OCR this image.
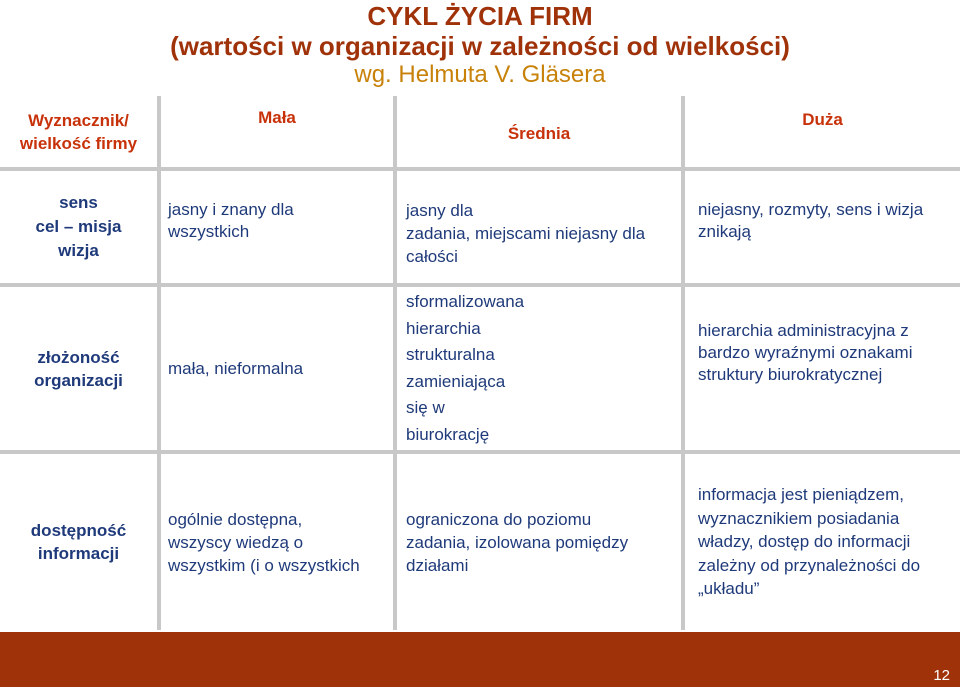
CYKL ŻYCIA FIRM
(wartości w organizacji w zależności od wielkości)
wg. Helmuta V. Gläsera
Wyznacznik/
wielkość firmy
Mała
Średnia
Duża
sens
cel – misja
wizja
jasny i znany dla
wszystkich
jasny dla
zadania, miejscami niejasny dla
całości
niejasny, rozmyty, sens i wizja
znikają
złożoność
organizacji
mała, nieformalna
sformalizowana
hierarchia
strukturalna
zamieniająca
się w
biurokrację
hierarchia administracyjna z
bardzo wyraźnymi oznakami
struktury biurokratycznej
dostępność
informacji
ogólnie dostępna,
wszyscy wiedzą o
wszystkim (i o wszystkich
ograniczona do poziomu
zadania, izolowana pomiędzy
działami
informacja jest pieniądzem,
wyznacznikiem posiadania
władzy, dostęp do informacji
zależny od przynależności do
„układu”
12
